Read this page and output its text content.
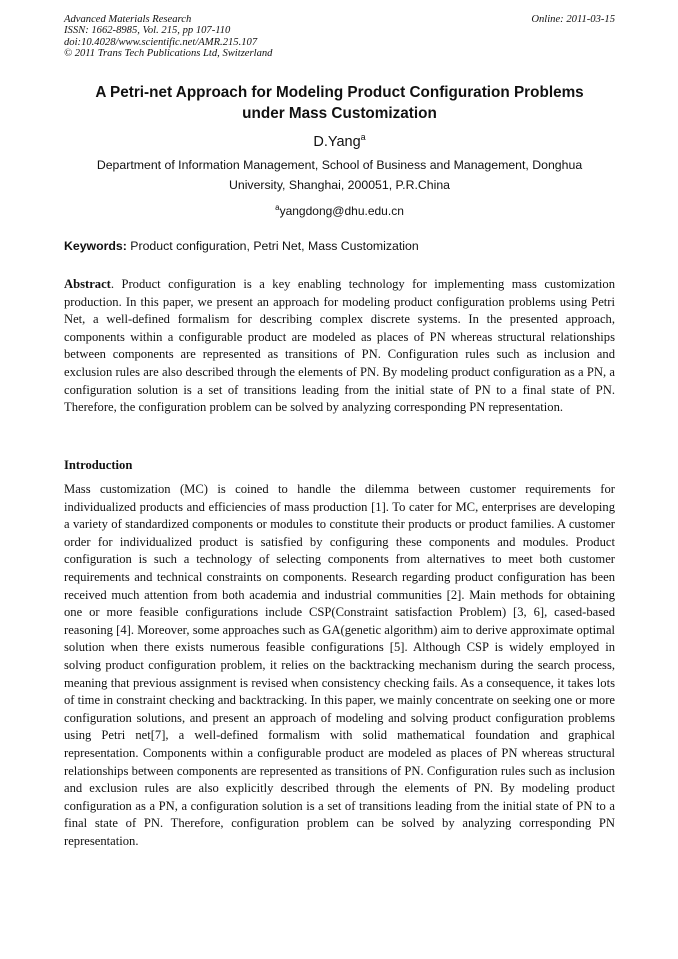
Advanced Materials Research
ISSN: 1662-8985, Vol. 215, pp 107-110
doi:10.4028/www.scientific.net/AMR.215.107
© 2011 Trans Tech Publications Ltd, Switzerland
Online: 2011-03-15
A Petri-net Approach for Modeling Product Configuration Problems
under Mass Customization
D.Yang$^a$
Department of Information Management, School of Business and Management, Donghua
University, Shanghai, 200051, P.R.China
$^a$yangdong@dhu.edu.cn
Keywords: Product configuration, Petri Net, Mass Customization

Abstract. Product configuration is a key enabling technology for implementing mass customization production. In this paper, we present an approach for modeling product configuration problems using Petri Net, a well-defined formalism for describing complex discrete systems. In the presented approach, components within a configurable product are modeled as places of PN whereas structural relationships between components are represented as transitions of PN. Configuration rules such as inclusion and exclusion rules are also described through the elements of PN. By modeling product configuration as a PN, a configuration solution is a set of transitions leading from the initial state of PN to a final state of PN. Therefore, the configuration problem can be solved by analyzing corresponding PN representation.

Introduction

Mass customization (MC) is coined to handle the dilemma between customer requirements for individualized products and efficiencies of mass production [1]. To cater for MC, enterprises are developing a variety of standardized components or modules to constitute their products or product families. A customer order for individualized product is satisfied by configuring these components and modules. Product configuration is such a technology of selecting components from alternatives to meet both customer requirements and technical constraints on components. Research regarding product configuration has been received much attention from both academia and industrial communities [2]. Main methods for obtaining one or more feasible configurations include CSP(Constraint satisfaction Problem) [3, 6], cased-based reasoning [4]. Moreover, some approaches such as GA(genetic algorithm) aim to derive approximate optimal solution when there exists numerous feasible configurations [5]. Although CSP is widely employed in solving product configuration problem, it relies on the backtracking mechanism during the search process, meaning that previous assignment is revised when consistency checking fails. As a consequence, it takes lots of time in constraint checking and backtracking. In this paper, we mainly concentrate on seeking one or more configuration solutions, and present an approach of modeling and solving product configuration problems using Petri net[7], a well-defined formalism with solid mathematical foundation and graphical representation. Components within a configurable product are modeled as places of PN whereas structural relationships between components are represented as transitions of PN. Configuration rules such as inclusion and exclusion rules are also explicitly described through the elements of PN. By modeling product configuration as a PN, a configuration solution is a set of transitions leading from the initial state of PN to a final state of PN. Therefore, configuration problem can be solved by analyzing corresponding PN representation.
